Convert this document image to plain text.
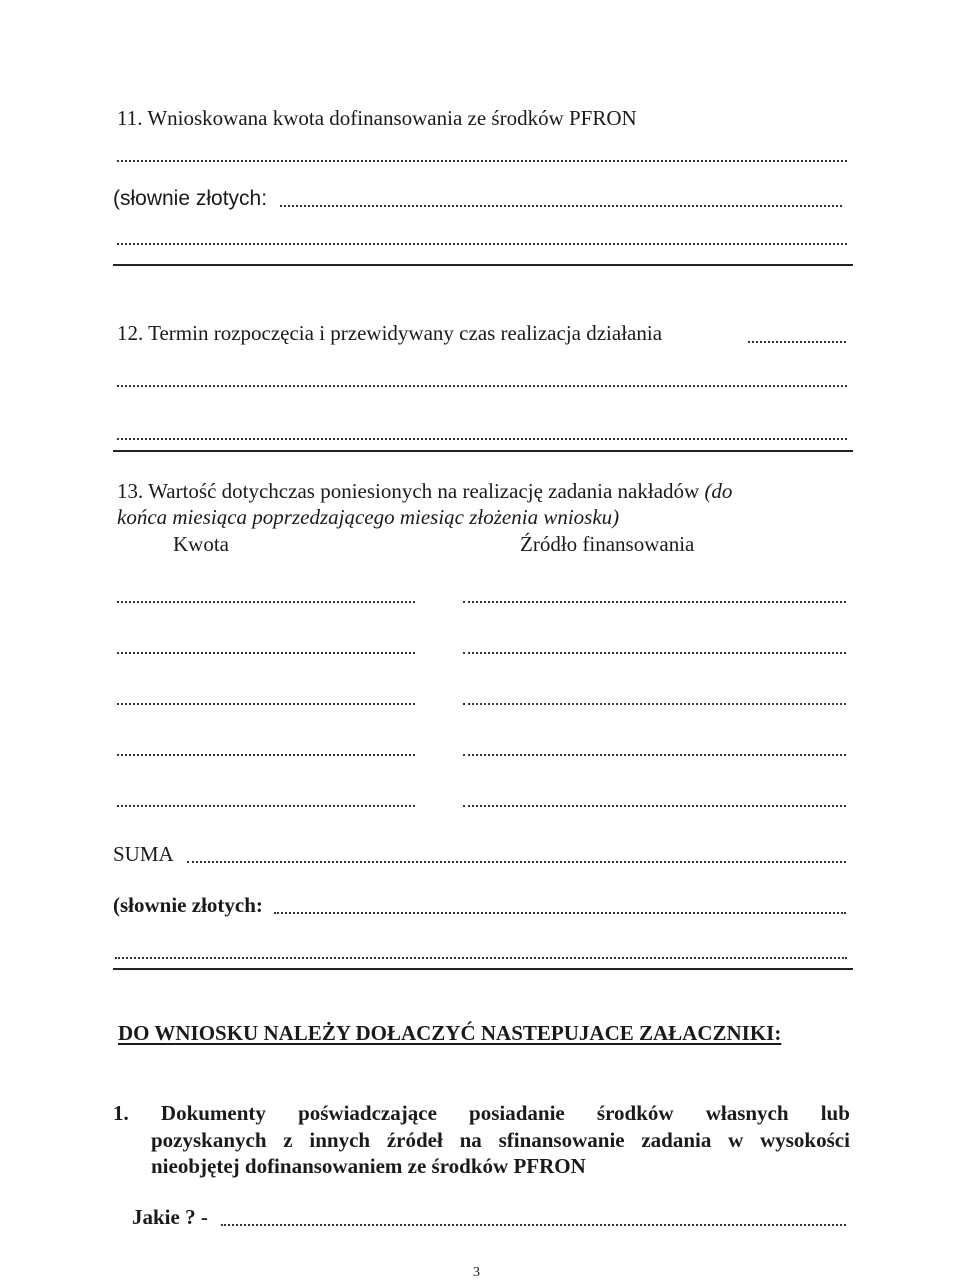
11. Wnioskowana kwota dofinansowania ze środków PFRON
(słownie złotych:
12. Termin rozpoczęcia i przewidywany czas realizacja działania
13. Wartość dotychczas poniesionych na realizację zadania nakładów (do
końca miesiąca poprzedzającego miesiąc złożenia wniosku)
Kwota	Źródło finansowania
SUMA
(słownie złotych:
DO WNIOSKU NALEŻY DOŁACZYĆ NASTEPUJACE ZAŁACZNIKI:
1. Dokumenty poświadczające posiadanie środków własnych lub
pozyskanych z innych źródeł na sfinansowanie zadania w wysokości
nieobjętej dofinansowaniem ze środków PFRON
Jakie ? -
3
